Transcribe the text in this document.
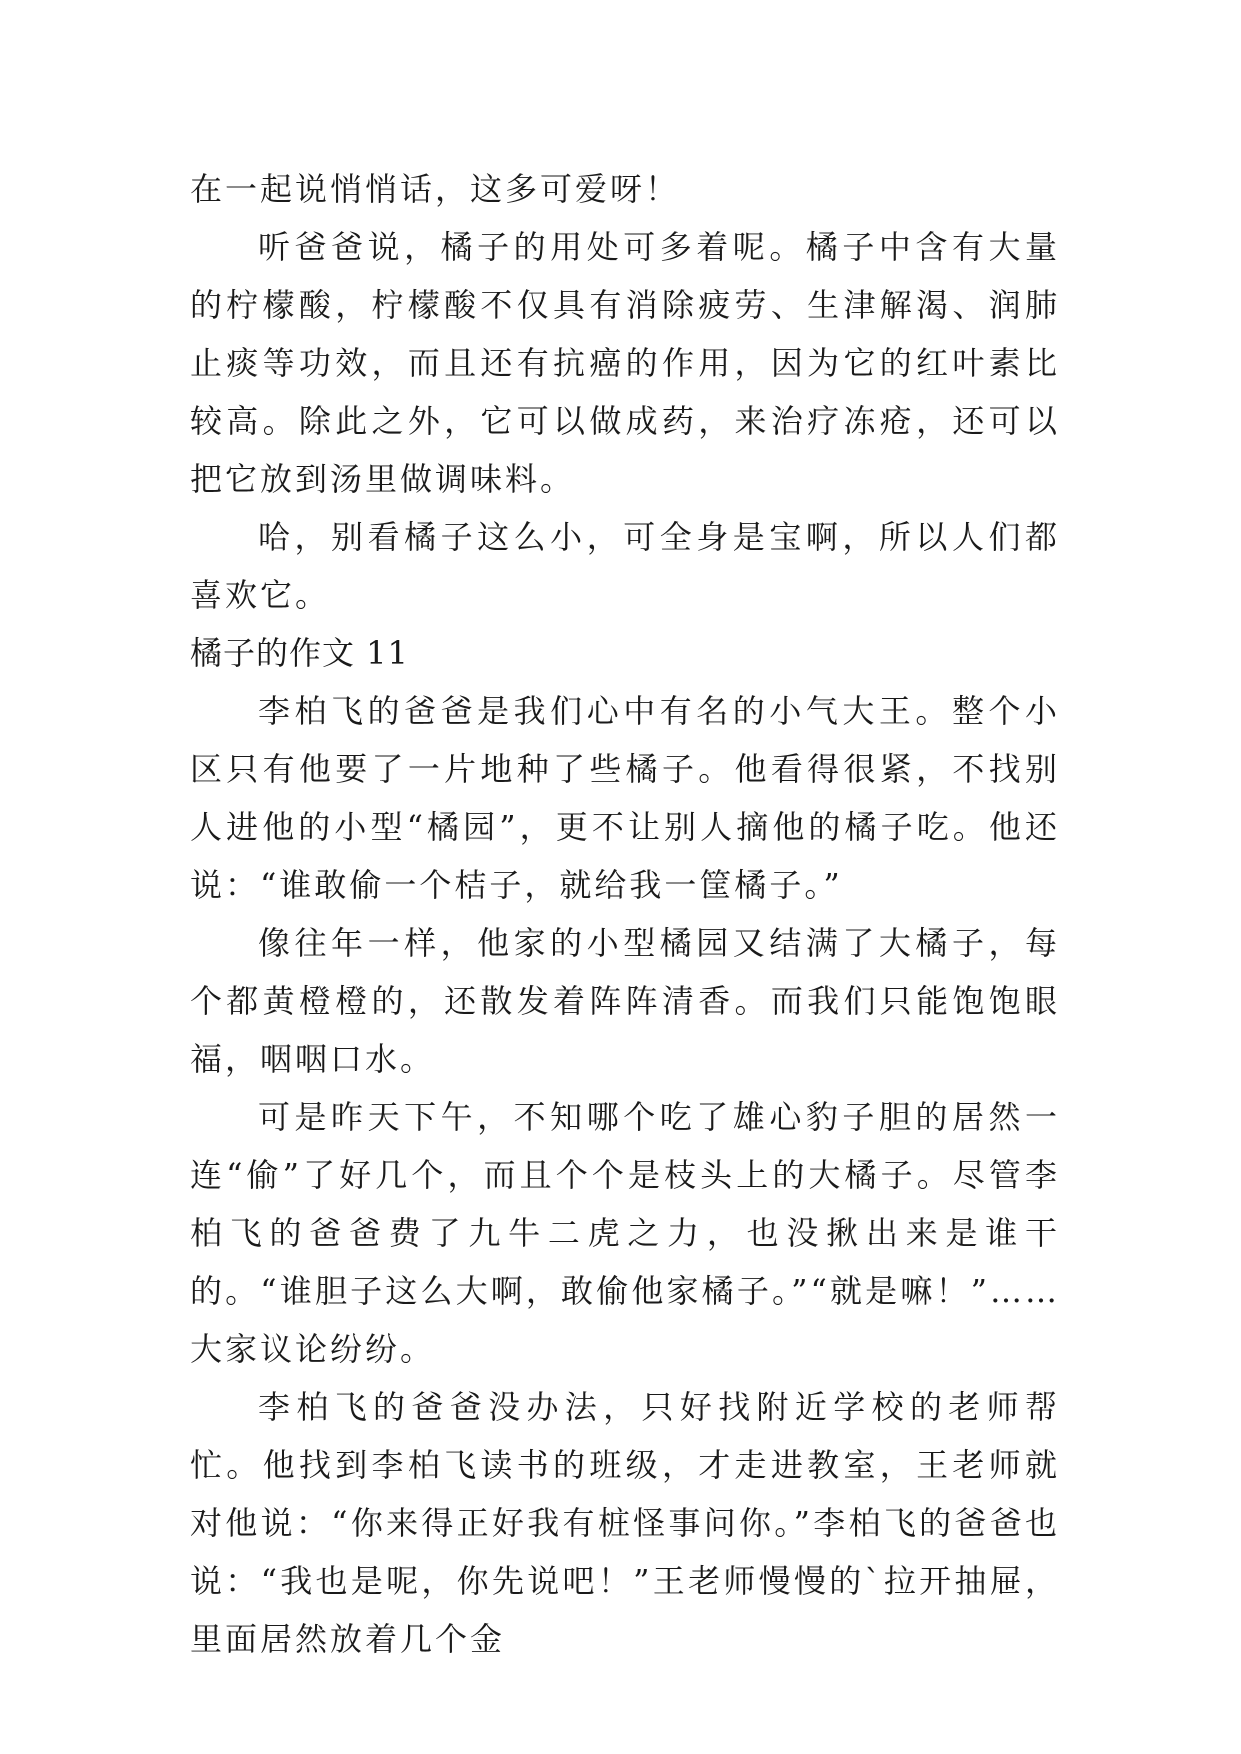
在一起说悄悄话，这多可爱呀！

听爸爸说，橘子的用处可多着呢。橘子中含有大量的柠檬酸，柠檬酸不仅具有消除疲劳、生津解渴、润肺止痰等功效，而且还有抗癌的作用，因为它的红叶素比较高。除此之外，它可以做成药，来治疗冻疮，还可以把它放到汤里做调味料。

哈，别看橘子这么小，可全身是宝啊，所以人们都喜欢它。

橘子的作文 11

李柏飞的爸爸是我们心中有名的小气大王。整个小区只有他要了一片地种了些橘子。他看得很紧，不找别人进他的小型“橘园”，更不让别人摘他的橘子吃。他还说：“谁敢偷一个桔子，就给我一筐橘子。”

像往年一样，他家的小型橘园又结满了大橘子，每个都黄橙橙的，还散发着阵阵清香。而我们只能饱饱眼福，咽咽口水。

可是昨天下午，不知哪个吃了雄心豹子胆的居然一连“偷”了好几个，而且个个是枝头上的大橘子。尽管李柏飞的爸爸费了九牛二虎之力，也没揪出来是谁干的。“谁胆子这么大啊，敢偷他家橘子。”“就是嘛！”……大家议论纷纷。

李柏飞的爸爸没办法，只好找附近学校的老师帮忙。他找到李柏飞读书的班级，才走进教室，王老师就对他说：“你来得正好我有桩怪事问你。”李柏飞的爸爸也说：“我也是呢，你先说吧！”王老师慢慢的`拉开抽屉，里面居然放着几个金
